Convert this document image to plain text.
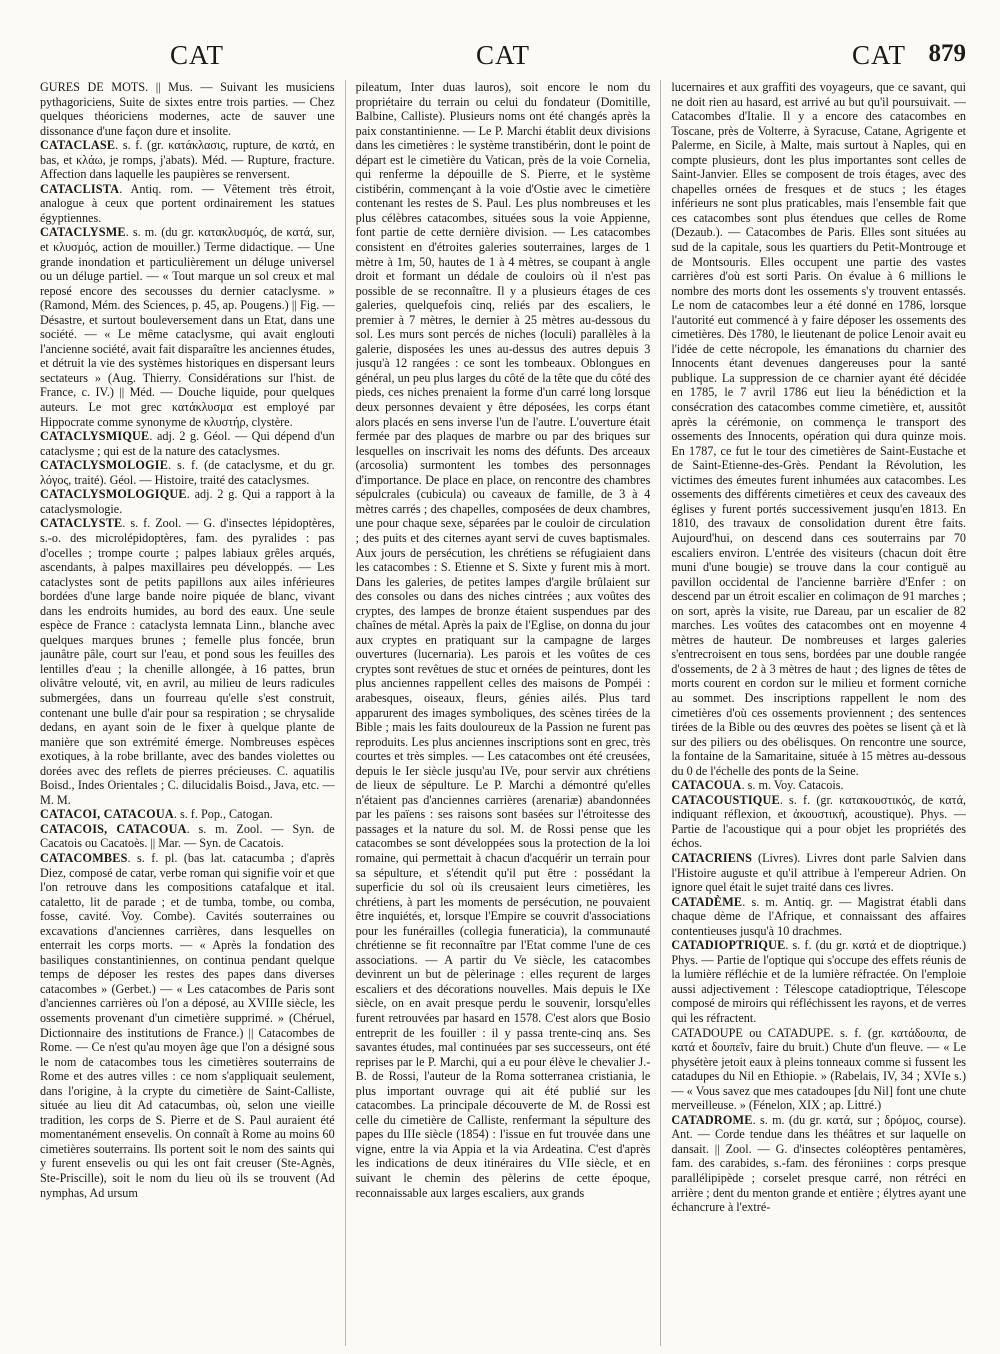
CAT	CAT	CAT 879

GURES DE MOTS. || Mus. — Suivant les musiciens pythagoriciens, Suite de sixtes entre trois parties. — Chez quelques théoriciens modernes, acte de sauver une dissonance d'une façon dure et insolite.

CATACLASE. s. f. (gr. κατάκλασις, rupture, de κατά, en bas, et κλάω, je romps, j'abats). Méd. — Rupture, fracture. Affection dans laquelle les paupières se renversent.

CATACLISTA. Antiq. rom. — Vêtement très étroit, analogue à ceux que portent ordinairement les statues égyptiennes.

CATACLYSME. s. m. (du gr. κατακλυσμός, de κατά, sur, et κλυσμός, action de mouiller.) Terme didactique. — Une grande inondation et particulièrement un déluge universel ou un déluge partiel. — « Tout marque un sol creux et mal reposé encore des secousses du dernier cataclysme. » (Ramond, Mém. des Sciences, p. 45, ap. Pougens.) || Fig. — Désastre, et surtout bouleversement dans un Etat, dans une société. — « Le même cataclysme, qui avait englouti l'ancienne société, avait fait disparaître les anciennes études, et détruit la vie des systèmes historiques en dispersant leurs sectateurs » (Aug. Thierry. Considérations sur l'hist. de France, c. IV.) || Méd. — Douche liquide, pour quelques auteurs. Le mot grec κατάκλυσμα est employé par Hippocrate comme synonyme de κλυστήρ, clystère.

CATACLYSMIQUE. adj. 2 g. Géol. — Qui dépend d'un cataclysme ; qui est de la nature des cataclysmes.

CATACLYSMOLOGIE. s. f. (de cataclysme, et du gr. λόγος, traité). Géol. — Histoire, traité des cataclysmes.

CATACLYSMOLOGIQUE. adj. 2 g. Qui a rapport à la cataclysmologie.

CATACLYSTE. s. f. Zool. — G. d'insectes lépidoptères, s.-o. des microlépidoptères, fam. des pyralides : pas d'ocelles ; trompe courte ; palpes labiaux grêles arqués, ascendants, à palpes maxillaires peu développés. — Les cataclystes sont de petits papillons aux ailes inférieures bordées d'une large bande noire piquée de blanc, vivant dans les endroits humides, au bord des eaux. Une seule espèce de France : cataclysta lemnata Linn., blanche avec quelques marques brunes ; femelle plus foncée, brun jaunâtre pâle, court sur l'eau, et pond sous les feuilles des lentilles d'eau ; la chenille allongée, à 16 pattes, brun olivâtre velouté, vit, en avril, au milieu de leurs radicules submergées, dans un fourreau qu'elle s'est construit, contenant une bulle d'air pour sa respiration ; se chrysalide dedans, en ayant soin de le fixer à quelque plante de manière que son extrémité émerge. Nombreuses espèces exotiques, à la robe brillante, avec des bandes violettes ou dorées avec des reflets de pierres précieuses. C. aquatilis Boisd., Indes Orientales ; C. dilucidalis Boisd., Java, etc. — M. M.

CATACOI, CATACOUA. s. f. Pop., Catogan.

CATACOIS, CATACOUA. s. m. Zool. — Syn. de Cacatois ou Cacatoès. || Mar. — Syn. de Cacatois.

CATACOMBES. s. f. pl. (bas lat. catacumba ; d'après Diez, composé de catar, verbe roman qui signifie voir et que l'on retrouve dans les compositions catafalque et ital. cataletto, lit de parade ; et de tumba, tombe, ou comba, fosse, cavité. Voy. Combe). Cavités souterraines ou excavations d'anciennes carrières, dans lesquelles on enterrait les corps morts. — « Après la fondation des basiliques constantiniennes, on continua pendant quelque temps de déposer les restes des papes dans diverses catacombes » (Gerbet.) — « Les catacombes de Paris sont d'anciennes carrières où l'on a déposé, au XVIIIe siècle, les ossements provenant d'un cimetière supprimé. » (Chéruel, Dictionnaire des institutions de France.) || Catacombes de Rome. — Ce n'est qu'au moyen âge que l'on a désigné sous le nom de catacombes tous les cimetières souterrains de Rome et des autres villes : ce nom s'appliquait seulement, dans l'origine, à la crypte du cimetière de Saint-Calliste, située au lieu dit Ad catacumbas, où, selon une vieille tradition, les corps de S. Pierre et de S. Paul auraient été momentanément ensevelis. On connaît à Rome au moins 60 cimetières souterrains. Ils portent soit le nom des saints qui y furent ensevelis ou qui les ont fait creuser (Ste-Agnès, Ste-Priscille), soit le nom du lieu où ils se trouvent (Ad nymphas, Ad ursum

pileatum, Inter duas lauros), soit encore le nom du propriétaire du terrain ou celui du fondateur (Domitille, Balbine, Calliste). Plusieurs noms ont été changés après la paix constantinienne. — Le P. Marchi établit deux divisions dans les cimetières : le système transtibérin, dont le point de départ est le cimetière du Vatican, près de la voie Cornelia, qui renferme la dépouille de S. Pierre, et le système cistibérin, commençant à la voie d'Ostie avec le cimetière contenant les restes de S. Paul. Les plus nombreuses et les plus célèbres catacombes, situées sous la voie Appienne, font partie de cette dernière division. — Les catacombes consistent en d'étroites galeries souterraines, larges de 1 mètre à 1m, 50, hautes de 1 à 4 mètres, se coupant à angle droit et formant un dédale de couloirs où il n'est pas possible de se reconnaître. Il y a plusieurs étages de ces galeries, quelquefois cinq, reliés par des escaliers, le premier à 7 mètres, le dernier à 25 mètres au-dessous du sol. Les murs sont percés de niches (loculi) parallèles à la galerie, disposées les unes au-dessus des autres depuis 3 jusqu'à 12 rangées : ce sont les tombeaux. Oblongues en général, un peu plus larges du côté de la tête que du côté des pieds, ces niches prenaient la forme d'un carré long lorsque deux personnes devaient y être déposées, les corps étant alors placés en sens inverse l'un de l'autre. L'ouverture était fermée par des plaques de marbre ou par des briques sur lesquelles on inscrivait les noms des défunts. Des arceaux (arcosolia) surmontent les tombes des personnages d'importance. De place en place, on rencontre des chambres sépulcrales (cubicula) ou caveaux de famille, de 3 à 4 mètres carrés ; des chapelles, composées de deux chambres, une pour chaque sexe, séparées par le couloir de circulation ; des puits et des citernes ayant servi de cuves baptismales. Aux jours de persécution, les chrétiens se réfugiaient dans les catacombes : S. Etienne et S. Sixte y furent mis à mort. Dans les galeries, de petites lampes d'argile brûlaient sur des consoles ou dans des niches cintrées ; aux voûtes des cryptes, des lampes de bronze étaient suspendues par des chaînes de métal. Après la paix de l'Eglise, on donna du jour aux cryptes en pratiquant sur la campagne de larges ouvertures (lucernaria). Les parois et les voûtes de ces cryptes sont revêtues de stuc et ornées de peintures, dont les plus anciennes rappellent celles des maisons de Pompéi : arabesques, oiseaux, fleurs, génies ailés. Plus tard apparurent des images symboliques, des scènes tirées de la Bible ; mais les faits douloureux de la Passion ne furent pas reproduits. Les plus anciennes inscriptions sont en grec, très courtes et très simples. — Les catacombes ont été creusées, depuis le Ier siècle jusqu'au IVe, pour servir aux chrétiens de lieux de sépulture. Le P. Marchi a démontré qu'elles n'étaient pas d'anciennes carrières (arenariæ) abandonnées par les païens : ses raisons sont basées sur l'étroitesse des passages et la nature du sol. M. de Rossi pense que les catacombes se sont développées sous la protection de la loi romaine, qui permettait à chacun d'acquérir un terrain pour sa sépulture, et s'étendit qu'il put être : possédant la superficie du sol où ils creusaient leurs cimetières, les chrétiens, à part les moments de persécution, ne pouvaient être inquiétés, et, lorsque l'Empire se couvrit d'associations pour les funérailles (collegia funeraticia), la communauté chrétienne se fit reconnaître par l'Etat comme l'une de ces associations. — A partir du Ve siècle, les catacombes devinrent un but de pèlerinage : elles reçurent de larges escaliers et des décorations nouvelles. Mais depuis le IXe siècle, on en avait presque perdu le souvenir, lorsqu'elles furent retrouvées par hasard en 1578. C'est alors que Bosio entreprit de les fouiller : il y passa trente-cinq ans. Ses savantes études, mal continuées par ses successeurs, ont été reprises par le P. Marchi, qui a eu pour élève le chevalier J.-B. de Rossi, l'auteur de la Roma sotterranea cristiania, le plus important ouvrage qui ait été publié sur les catacombes. La principale découverte de M. de Rossi est celle du cimetière de Calliste, renfermant la sépulture des papes du IIIe siècle (1854) : l'issue en fut trouvée dans une vigne, entre la via Appia et la via Ardeatina. C'est d'après les indications de deux itinéraires du VIIe siècle, et en suivant le chemin des pèlerins de cette époque, reconnaissable aux larges escaliers, aux grands

lucernaires et aux graffiti des voyageurs, que ce savant, qui ne doit rien au hasard, est arrivé au but qu'il poursuivait. — Catacombes d'Italie. Il y a encore des catacombes en Toscane, près de Volterre, à Syracuse, Catane, Agrigente et Palerme, en Sicile, à Malte, mais surtout à Naples, qui en compte plusieurs, dont les plus importantes sont celles de Saint-Janvier. Elles se composent de trois étages, avec des chapelles ornées de fresques et de stucs ; les étages inférieurs ne sont plus praticables, mais l'ensemble fait que ces catacombes sont plus étendues que celles de Rome (Dezaub.). — Catacombes de Paris. Elles sont situées au sud de la capitale, sous les quartiers du Petit-Montrouge et de Montsouris. Elles occupent une partie des vastes carrières d'où est sorti Paris. On évalue à 6 millions le nombre des morts dont les ossements s'y trouvent entassés. Le nom de catacombes leur a été donné en 1786, lorsque l'autorité eut commencé à y faire déposer les ossements des cimetières. Dès 1780, le lieutenant de police Lenoir avait eu l'idée de cette nécropole, les émanations du charnier des Innocents étant devenues dangereuses pour la santé publique. La suppression de ce charnier ayant été décidée en 1785, le 7 avril 1786 eut lieu la bénédiction et la consécration des catacombes comme cimetière, et, aussitôt après la cérémonie, on commença le transport des ossements des Innocents, opération qui dura quinze mois. En 1787, ce fut le tour des cimetières de Saint-Eustache et de Saint-Etienne-des-Grès. Pendant la Révolution, les victimes des émeutes furent inhumées aux catacombes. Les ossements des différents cimetières et ceux des caveaux des églises y furent portés successivement jusqu'en 1813. En 1810, des travaux de consolidation durent être faits. Aujourd'hui, on descend dans ces souterrains par 70 escaliers environ. L'entrée des visiteurs (chacun doit être muni d'une bougie) se trouve dans la cour contiguë au pavillon occidental de l'ancienne barrière d'Enfer : on descend par un étroit escalier en colimaçon de 91 marches ; on sort, après la visite, rue Dareau, par un escalier de 82 marches. Les voûtes des catacombes ont en moyenne 4 mètres de hauteur. De nombreuses et larges galeries s'entrecroisent en tous sens, bordées par une double rangée d'ossements, de 2 à 3 mètres de haut ; des lignes de têtes de morts courent en cordon sur le milieu et forment corniche au sommet. Des inscriptions rappellent le nom des cimetières d'où ces ossements proviennent ; des sentences tirées de la Bible ou des œuvres des poètes se lisent çà et là sur des piliers ou des obélisques. On rencontre une source, la fontaine de la Samaritaine, située à 15 mètres au-dessous du 0 de l'échelle des ponts de la Seine.

CATACOUA. s. m. Voy. Catacois.

CATACOUSTIQUE. s. f. (gr. κατακουστικός, de κατά, indiquant réflexion, et ἀκουστική, acoustique). Phys. — Partie de l'acoustique qui a pour objet les propriétés des échos.

CATACRIENS (Livres). Livres dont parle Salvien dans l'Histoire auguste et qu'il attribue à l'empereur Adrien. On ignore quel était le sujet traité dans ces livres.

CATADÈME. s. m. Antiq. gr. — Magistrat établi dans chaque dème de l'Afrique, et connaissant des affaires contentieuses jusqu'à 10 drachmes.

CATADIOPTRIQUE. s. f. (du gr. κατά et de dioptrique.) Phys. — Partie de l'optique qui s'occupe des effets réunis de la lumière réfléchie et de la lumière réfractée. On l'emploie aussi adjectivement : Télescope catadioptrique, Télescope composé de miroirs qui réfléchissent les rayons, et de verres qui les réfractent.

CATADOUPE ou CATADUPE. s. f. (gr. κατάδουπα, de κατά et δουπεῖν, faire du bruit.) Chute d'un fleuve. — « Le physétère jetoit eaux à pleins tonneaux comme si fussent les catadupes du Nil en Ethiopie. » (Rabelais, IV, 34 ; XVIe s.) — « Vous savez que mes catadoupes [du Nil] font une chute merveilleuse. » (Fénelon, XIX ; ap. Littré.)

CATADROME. s. m. (du gr. κατά, sur ; δρόμος, course). Ant. — Corde tendue dans les théâtres et sur laquelle on dansait. || Zool. — G. d'insectes coléoptères pentamères, fam. des carabides, s.-fam. des féroniines : corps presque parallélipipède ; corselet presque carré, non rétréci en arrière ; dent du menton grande et entière ; élytres ayant une échancrure à l'extré-
